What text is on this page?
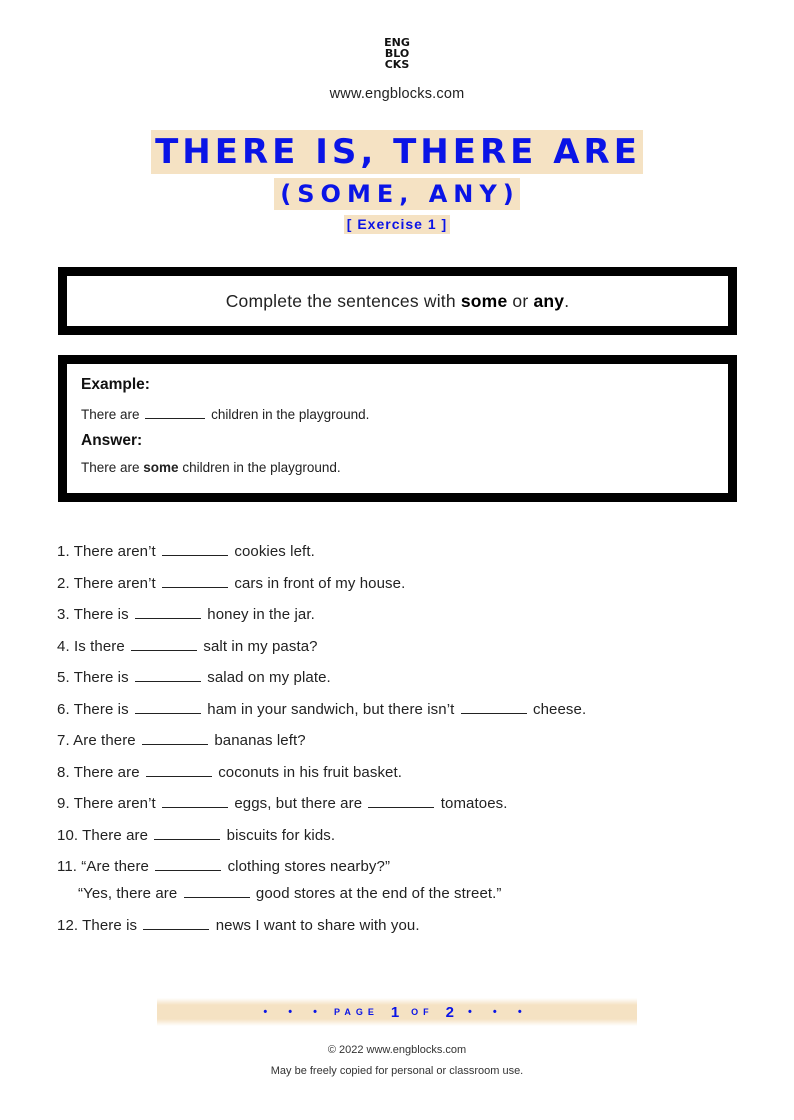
ENG
BLO
CKS
www.engblocks.com
THERE IS, THERE ARE
(SOME, ANY)
[ Exercise 1 ]
Complete the sentences with some or any.
Example:
There are	children in the playground.
Answer:
There are some children in the playground.
1. There aren’t	cookies left.
2. There aren’t	cars in front of my house.
3. There is	honey in the jar.
4. Is there	salt in my pasta?
5. There is	salad on my plate.
6. There is	ham in your sandwich, but there isn’t	cheese.
7. Are there	bananas left?
8. There are	coconuts in his fruit basket.
9. There aren’t	eggs, but there are	tomatoes.
10. There are	biscuits for kids.
11. “Are there	clothing stores nearby?”
“Yes, there are	good stores at the end of the street.”
12. There is	news I want to share with you.
• • • PAGE 1 OF 2 • • •
© 2022 www.engblocks.com
May be freely copied for personal or classroom use.
